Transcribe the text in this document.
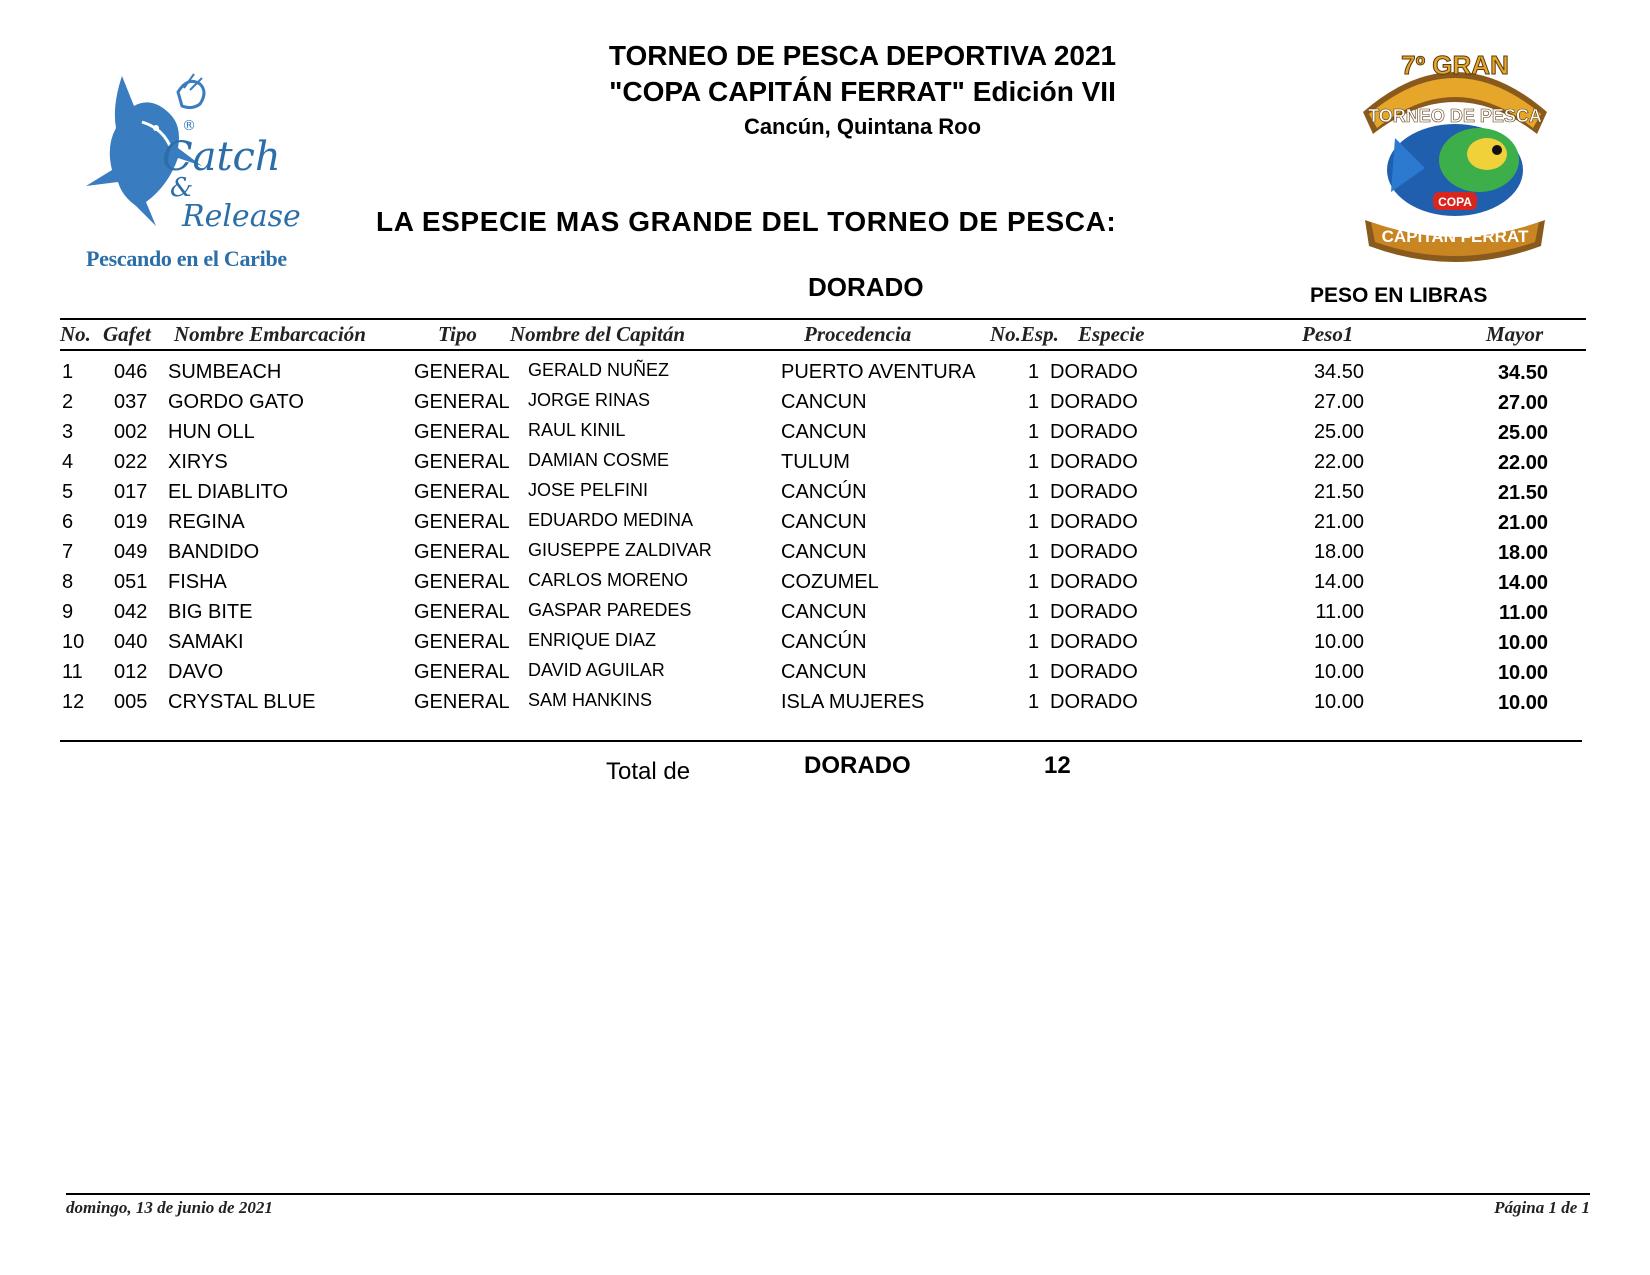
TORNEO DE PESCA DEPORTIVA 2021
"COPA CAPITÁN FERRAT" Edición VII
Cancún, Quintana Roo
LA ESPECIE MAS GRANDE DEL TORNEO DE PESCA:
DORADO	PESO EN LIBRAS
Catch
&
Release
®
Pescando en el Caribe
7º GRAN
TORNEO DE PESCA
COPA
CAPITAN FERRAT
No. Gafet Nombre Embarcación	Tipo Nombre del Capitán	Procedencia	No.Esp. Especie	Peso1	Mayor
1 046 SUMBEACH	GENERAL GERALD NUÑEZ	PUERTO AVENTURA	1 DORADO	34.50	34.50
2 037 GORDO GATO	GENERAL JORGE RINAS	CANCUN	1 DORADO	27.00	27.00
3 002 HUN OLL	GENERAL RAUL KINIL	CANCUN	1 DORADO	25.00	25.00
4 022 XIRYS	GENERAL DAMIAN COSME	TULUM	1 DORADO	22.00	22.00
5 017 EL DIABLITO	GENERAL JOSE PELFINI	CANCÚN	1 DORADO	21.50	21.50
6 019 REGINA	GENERAL EDUARDO MEDINA	CANCUN	1 DORADO	21.00	21.00
7 049 BANDIDO	GENERAL GIUSEPPE ZALDIVAR	CANCUN	1 DORADO	18.00	18.00
8 051 FISHA	GENERAL CARLOS MORENO	COZUMEL	1 DORADO	14.00	14.00
9 042 BIG BITE	GENERAL GASPAR PAREDES	CANCUN	1 DORADO	11.00	11.00
10 040 SAMAKI	GENERAL ENRIQUE DIAZ	CANCÚN	1 DORADO	10.00	10.00
11 012 DAVO	GENERAL DAVID AGUILAR	CANCUN	1 DORADO	10.00	10.00
12 005 CRYSTAL BLUE	GENERAL SAM HANKINS	ISLA MUJERES	1 DORADO	10.00	10.00
Total de	DORADO	12
domingo, 13 de junio de 2021	Página 1 de 1
